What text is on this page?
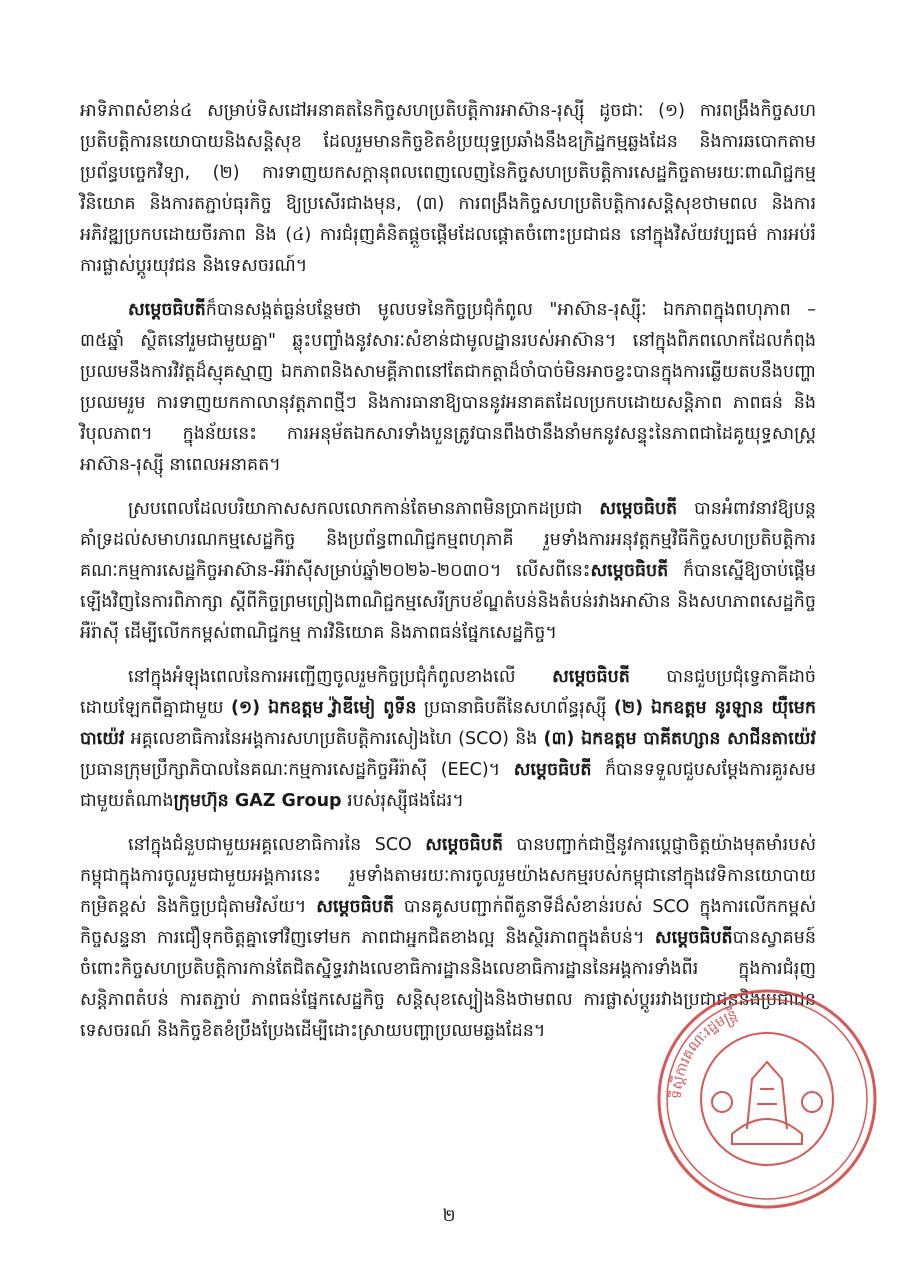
អាទិភាពសំខាន់៤ សម្រាប់ទិសដៅអនាគតនៃកិច្ចសហប្រតិបត្តិការអាស៊ាន-រុស្ស៊ី ដូចជាៈ (១) ការពង្រឹងកិច្ចសហប្រតិបត្តិការនយោបាយនិងសន្តិសុខ ដែលរួមមានកិច្ចខិតខំប្រយុទ្ធប្រឆាំងនឹងឧក្រិដ្ឋកម្មឆ្លងដែន និងការឆបោកតាមប្រព័ន្ធបច្ចេកវិទ្យា, (២) ការទាញយកសក្តានុពលពេញលេញនៃកិច្ចសហប្រតិបត្តិការសេដ្ឋកិច្ចតាមរយៈពាណិជ្ជកម្ម វិនិយោគ និងការតភ្ជាប់ធុរកិច្ច ឱ្យប្រសើរជាងមុន, (៣) ការពង្រឹងកិច្ចសហប្រតិបត្តិការសន្តិសុខថាមពល និងការអភិវឌ្ឍប្រកបដោយចីរភាព និង (៤) ការជំរុញគំនិតផ្តួចផ្តើមដែលផ្តោតចំពោះប្រជាជន នៅក្នុងវិស័យវប្បធម៌ ការអប់រំ ការផ្លាស់ប្តូរយុវជន និងទេសចរណ៍។

សម្តេចធិបតីក៏បានសង្កត់ធ្ងន់បន្ថែមថា មូលបទនៃកិច្ចប្រជុំកំពូល "អាស៊ាន-រុស្ស៊ីៈ ឯកភាពក្នុងពហុភាព – ៣៥ឆ្នាំ ស្ថិតនៅរួមជាមួយគ្នា" ឆ្លុះបញ្ចាំងនូវសារៈសំខាន់ជាមូលដ្ឋានរបស់អាស៊ាន។ នៅក្នុងពិភពលោកដែលកំពុងប្រឈមនឹងការវិវត្តដ៏ស្មុគស្មាញ ឯកភាពនិងសាមគ្គីភាពនៅតែជាកត្តាដ៏ចាំបាច់មិនអាចខ្វះបានក្នុងការឆ្លើយតបនឹងបញ្ហាប្រឈមរួម ការទាញយកកាលានុវត្តភាពថ្មីៗ និងការធានាឱ្យបាននូវអនាគតដែលប្រកបដោយសន្តិភាព ភាពធន់ និងវិបុលភាព។ ក្នុងន័យនេះ ការអនុម័តឯកសារទាំងបួនត្រូវបានពឹងថានឹងនាំមកនូវសន្ទុះនៃភាពជាដៃគូយុទ្ធសាស្ត្រអាស៊ាន-រុស្ស៊ី នាពេលអនាគត។

ស្របពេលដែលបរិយាកាសសកលលោកកាន់តែមានភាពមិនប្រាកដប្រជា សម្តេចធិបតី បានអំពាវនាវឱ្យបន្តគាំទ្រដល់សមាហរណកម្មសេដ្ឋកិច្ច និងប្រព័ន្ធពាណិជ្ជកម្មពហុភាគី រួមទាំងការអនុវត្តកម្មវិធីកិច្ចសហប្រតិបត្តិការគណៈកម្មការសេដ្ឋកិច្ចអាស៊ាន-អឺរ៉ាស៊ីសម្រាប់ឆ្នាំ២០២៦-២០៣០។ លើសពីនេះសម្តេចធិបតី ក៏បានស្នើឱ្យចាប់ផ្តើមឡើងវិញនៃការពិភាក្សា ស្តីពីកិច្ចព្រមព្រៀងពាណិជ្ជកម្មសេរីក្របខ័ណ្ឌតំបន់និងតំបន់រវាងអាស៊ាន និងសហភាពសេដ្ឋកិច្ចអឺរ៉ាស៊ី ដើម្បីលើកកម្ពស់ពាណិជ្ជកម្ម ការវិនិយោគ និងភាពធន់ផ្នែកសេដ្ឋកិច្ច។

នៅក្នុងអំឡុងពេលនៃការអញ្ជើញចូលរួមកិច្ចប្រជុំកំពូលខាងលើ សម្តេចធិបតី បានជួបប្រជុំទ្វេភាគីដាច់ដោយឡែកពីគ្នាជាមួយ (១) ឯកឧត្តម វ្ល៉ាឌីមៀ ពូទីន ប្រធានាធិបតីនៃសហព័ន្ធរុស្ស៊ី (២) ឯកឧត្តម នូរឡាន យ៉ឺមេកបាយ៉េវ អគ្គលេខាធិការនៃអង្គការសហប្រតិបត្តិការសៀងហៃ (SCO) និង (៣) ឯកឧត្តម បាគីតហ្សាន សាជីនតាយ៉េវ ប្រធានក្រុមប្រឹក្សាភិបាលនៃគណៈកម្មការសេដ្ឋកិច្ចអឺរ៉ាស៊ី (EEC)។ សម្តេចធិបតី ក៏បានទទួលជួបសម្តែងការគួរសមជាមួយតំណាងក្រុមហ៊ុន GAZ Group របស់រុស្ស៊ីផងដែរ។

នៅក្នុងជំនួបជាមួយអគ្គលេខាធិការនៃ SCO សម្តេចធិបតី បានបញ្ជាក់ជាថ្មីនូវការប្តេជ្ញាចិត្តយ៉ាងមុតមាំរបស់កម្ពុជាក្នុងការចូលរួមជាមួយអង្គការនេះ រួមទាំងតាមរយៈការចូលរួមយ៉ាងសកម្មរបស់កម្ពុជានៅក្នុងវេទិកានយោបាយកម្រិតខ្ពស់ និងកិច្ចប្រជុំតាមវិស័យ។ សម្តេចធិបតី បានគូសបញ្ជាក់ពីតួនាទីដ៏សំខាន់របស់ SCO ក្នុងការលើកកម្ពស់កិច្ចសន្ទនា ការជឿទុកចិត្តគ្នាទៅវិញទៅមក ភាពជាអ្នកជិតខាងល្អ និងស្ថិរភាពក្នុងតំបន់។ សម្តេចធិបតីបានស្វាគមន៍ចំពោះកិច្ចសហប្រតិបត្តិការកាន់តែជិតស្និទ្ធរវាងលេខាធិការដ្ឋាននិងលេខាធិការដ្ឋាននៃអង្គការទាំងពីរ ក្នុងការជំរុញសន្តិភាពតំបន់ ការតភ្ជាប់ ភាពធន់ផ្នែកសេដ្ឋកិច្ច សន្តិសុខស្បៀងនិងថាមពល ការផ្លាស់ប្តូររវាងប្រជាជននិងប្រជាជន ទេសចរណ៍ និងកិច្ចខិតខំប្រឹងប្រែងដើម្បីដោះស្រាយបញ្ហាប្រឈមឆ្លងដែន។

២
ទីស្តីការគណៈរដ្ឋមន្ត្រី
